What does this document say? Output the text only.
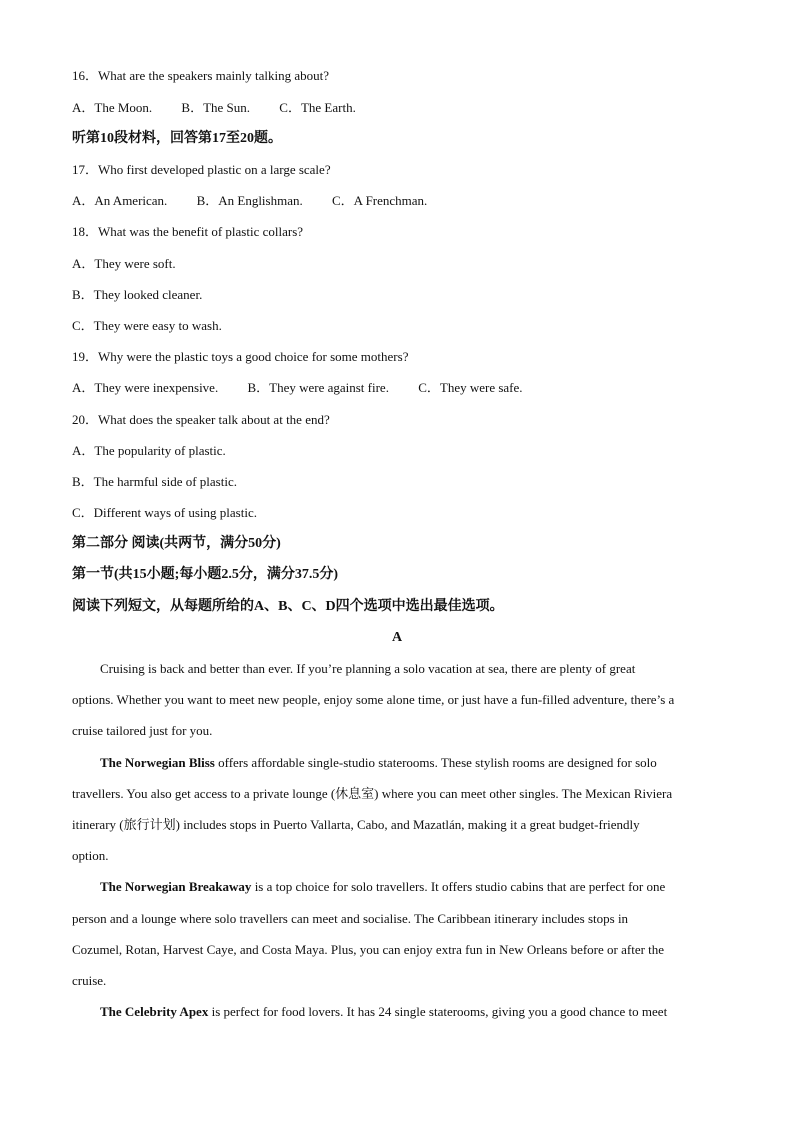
16．What are the speakers mainly talking about?
A．The Moon. B．The Sun. C．The Earth.
听第10段材料，回答第17至20题。
17．Who first developed plastic on a large scale?
A．An American. B．An Englishman. C．A Frenchman.
18．What was the benefit of plastic collars?
A．They were soft.
B．They looked cleaner.
C．They were easy to wash.
19．Why were the plastic toys a good choice for some mothers?
A．They were inexpensive. B．They were against fire. C．They were safe.
20．What does the speaker talk about at the end?
A．The popularity of plastic.
B．The harmful side of plastic.
C．Different ways of using plastic.
第二部分 阅读(共两节，满分50分)
第一节(共15小题;每小题2.5分，满分37.5分)
阅读下列短文，从每题所给的A、B、C、D四个选项中选出最佳选项。
A
Cruising is back and better than ever. If you’re planning a solo vacation at sea, there are plenty of great
options. Whether you want to meet new people, enjoy some alone time, or just have a fun-filled adventure, there’s a
cruise tailored just for you.
The Norwegian Bliss offers affordable single-studio staterooms. These stylish rooms are designed for solo
travellers. You also get access to a private lounge (休息室) where you can meet other singles. The Mexican Riviera
itinerary (旅行计划) includes stops in Puerto Vallarta, Cabo, and Mazatlán, making it a great budget-friendly
option.
The Norwegian Breakaway is a top choice for solo travellers. It offers studio cabins that are perfect for one
person and a lounge where solo travellers can meet and socialise. The Caribbean itinerary includes stops in
Cozumel, Rotan, Harvest Caye, and Costa Maya. Plus, you can enjoy extra fun in New Orleans before or after the
cruise.
The Celebrity Apex is perfect for food lovers. It has 24 single staterooms, giving you a good chance to meet
